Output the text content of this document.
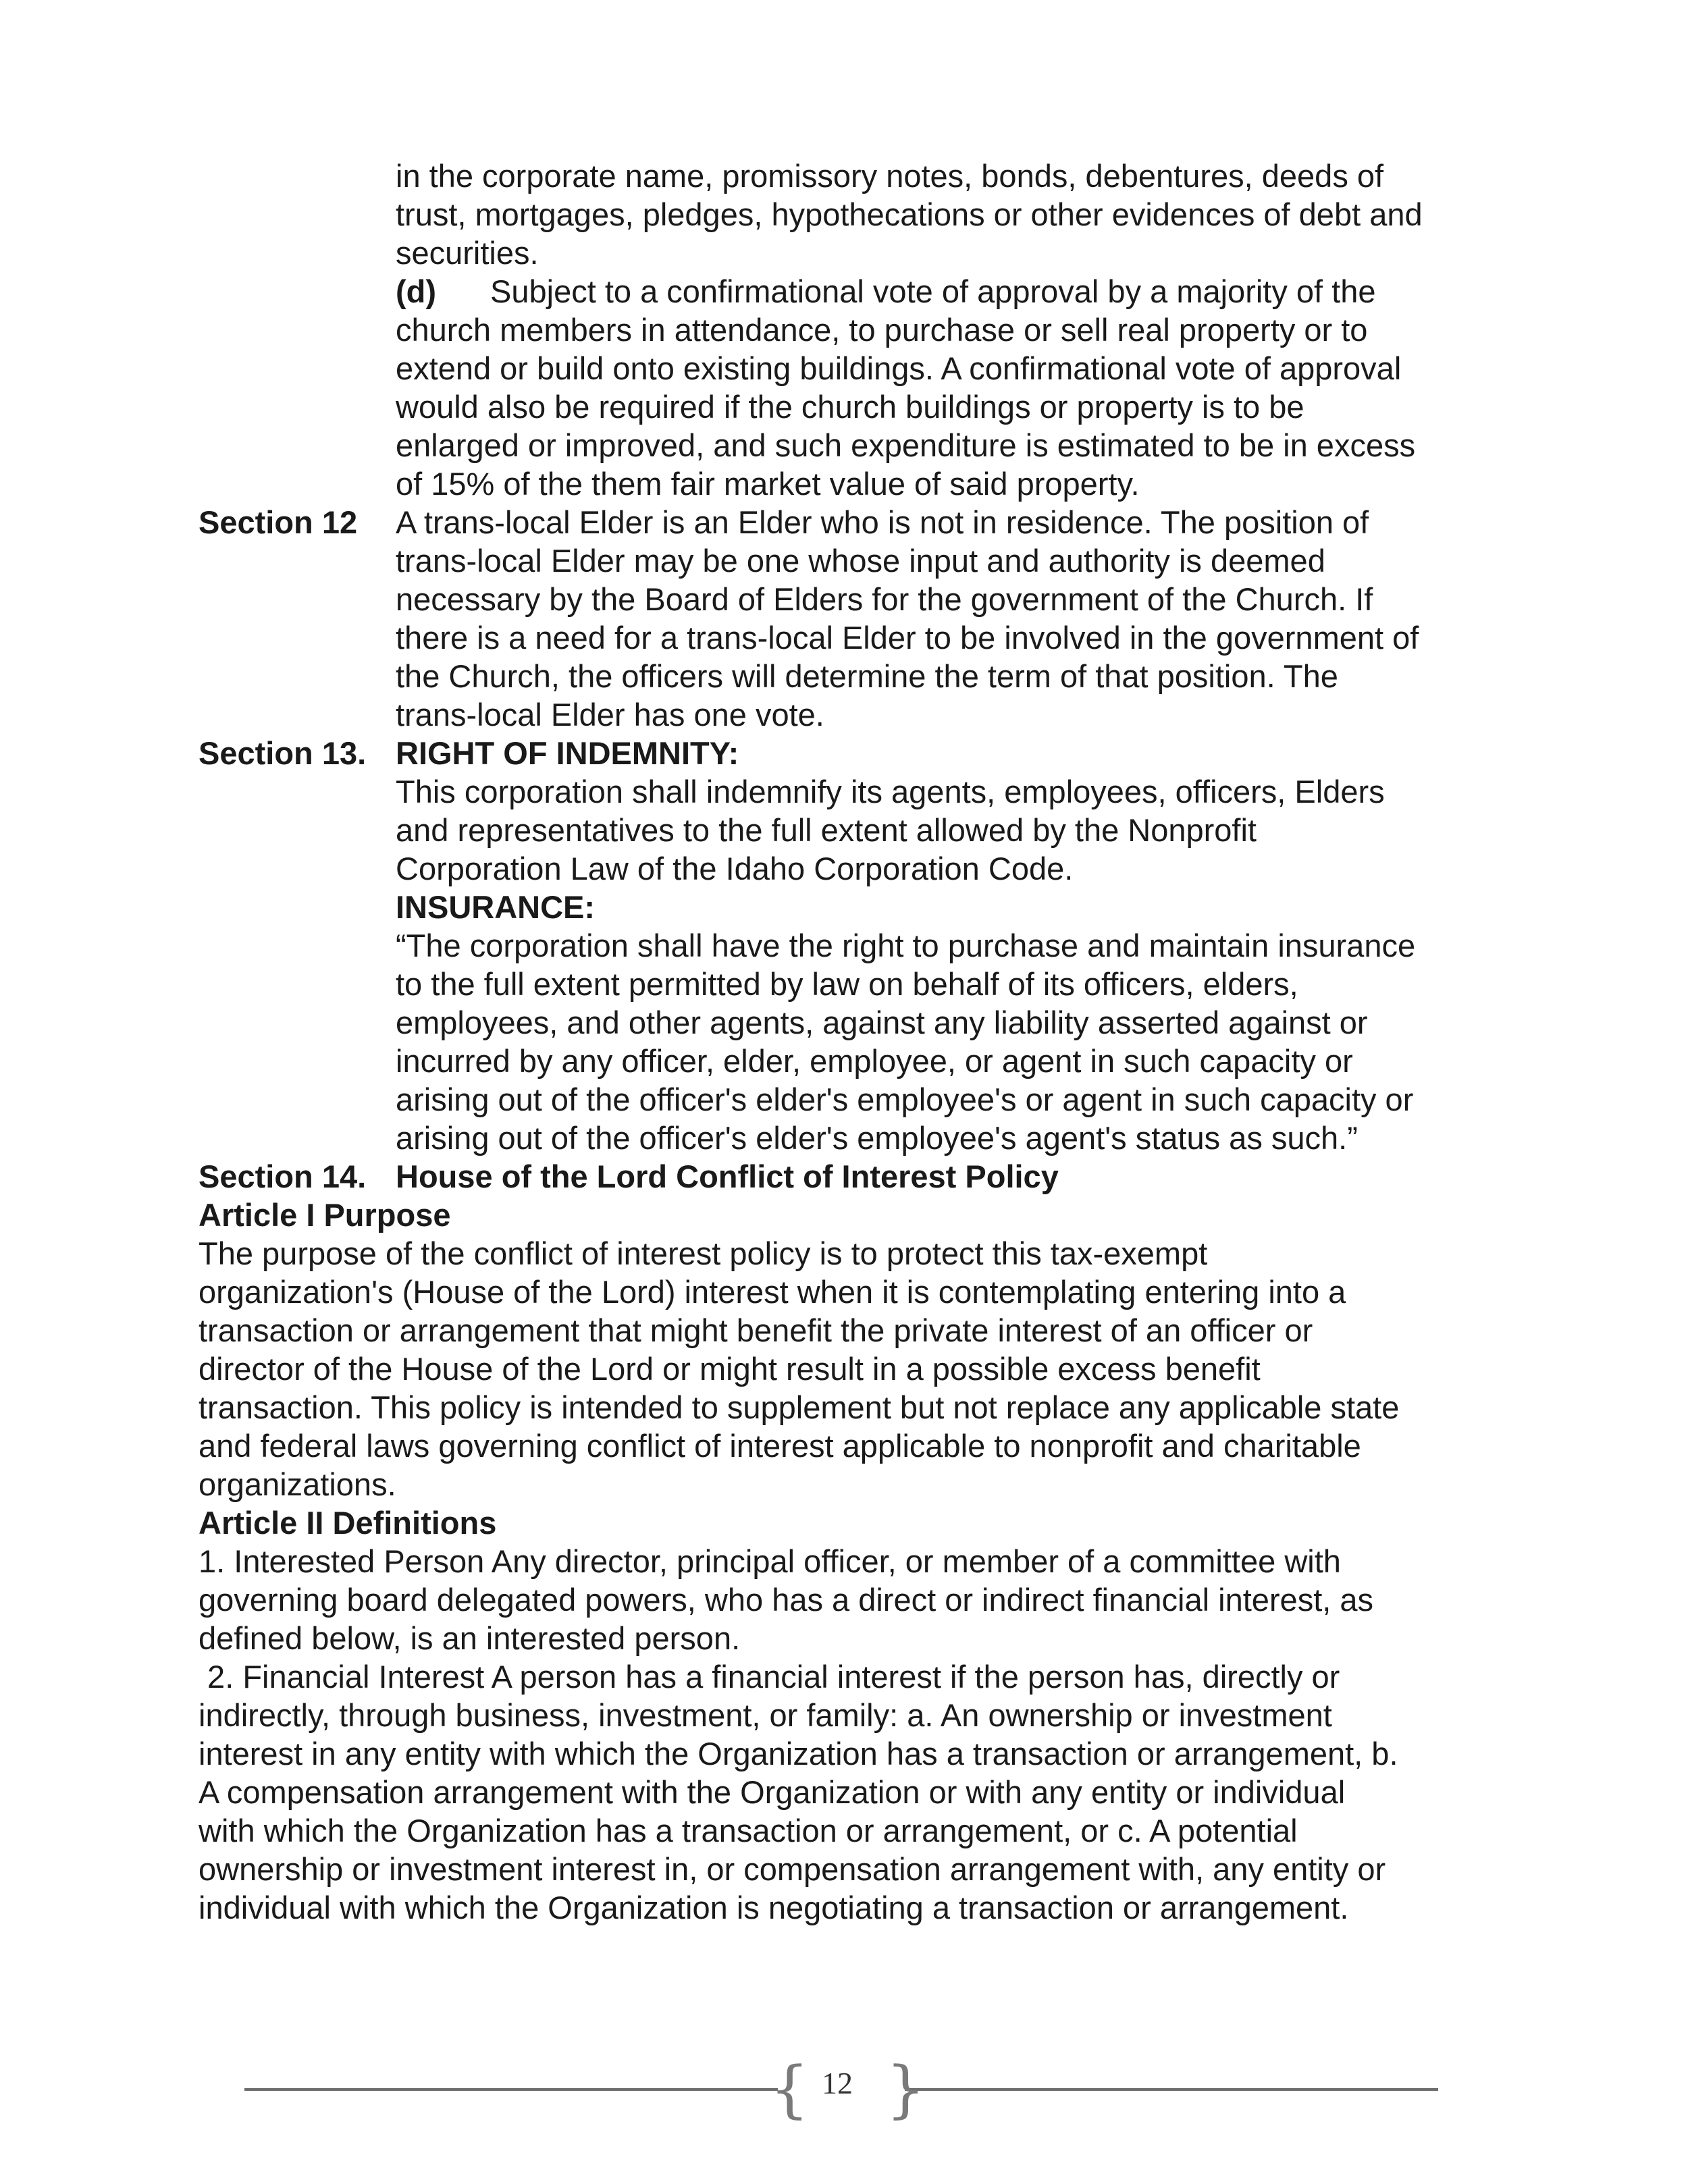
in the corporate name, promissory notes, bonds, debentures, deeds of
trust, mortgages, pledges, hypothecations or other evidences of debt and
securities.
(d) Subject to a confirmational vote of approval by a majority of the
church members in attendance, to purchase or sell real property or to
extend or build onto existing buildings. A confirmational vote of approval
would also be required if the church buildings or property is to be
enlarged or improved, and such expenditure is estimated to be in excess
of 15% of the them fair market value of said property.
Section 12 A trans-local Elder is an Elder who is not in residence. The position of
trans-local Elder may be one whose input and authority is deemed
necessary by the Board of Elders for the government of the Church. If
there is a need for a trans-local Elder to be involved in the government of
the Church, the officers will determine the term of that position. The
trans-local Elder has one vote.
Section 13. RIGHT OF INDEMNITY:
This corporation shall indemnify its agents, employees, officers, Elders
and representatives to the full extent allowed by the Nonprofit
Corporation Law of the Idaho Corporation Code.
INSURANCE:
“The corporation shall have the right to purchase and maintain insurance
to the full extent permitted by law on behalf of its officers, elders,
employees, and other agents, against any liability asserted against or
incurred by any officer, elder, employee, or agent in such capacity or
arising out of the officer's elder's employee's or agent in such capacity or
arising out of the officer's elder's employee's agent's status as such.”
Section 14. House of the Lord Conflict of Interest Policy
Article I Purpose
The purpose of the conflict of interest policy is to protect this tax-exempt
organization's (House of the Lord) interest when it is contemplating entering into a
transaction or arrangement that might benefit the private interest of an officer or
director of the House of the Lord or might result in a possible excess benefit
transaction. This policy is intended to supplement but not replace any applicable state
and federal laws governing conflict of interest applicable to nonprofit and charitable
organizations.
Article II Definitions
1. Interested Person Any director, principal officer, or member of a committee with
governing board delegated powers, who has a direct or indirect financial interest, as
defined below, is an interested person.
2. Financial Interest A person has a financial interest if the person has, directly or
indirectly, through business, investment, or family: a. An ownership or investment
interest in any entity with which the Organization has a transaction or arrangement, b.
A compensation arrangement with the Organization or with any entity or individual
with which the Organization has a transaction or arrangement, or c. A potential
ownership or investment interest in, or compensation arrangement with, any entity or
individual with which the Organization is negotiating a transaction or arrangement.
{ }
12
